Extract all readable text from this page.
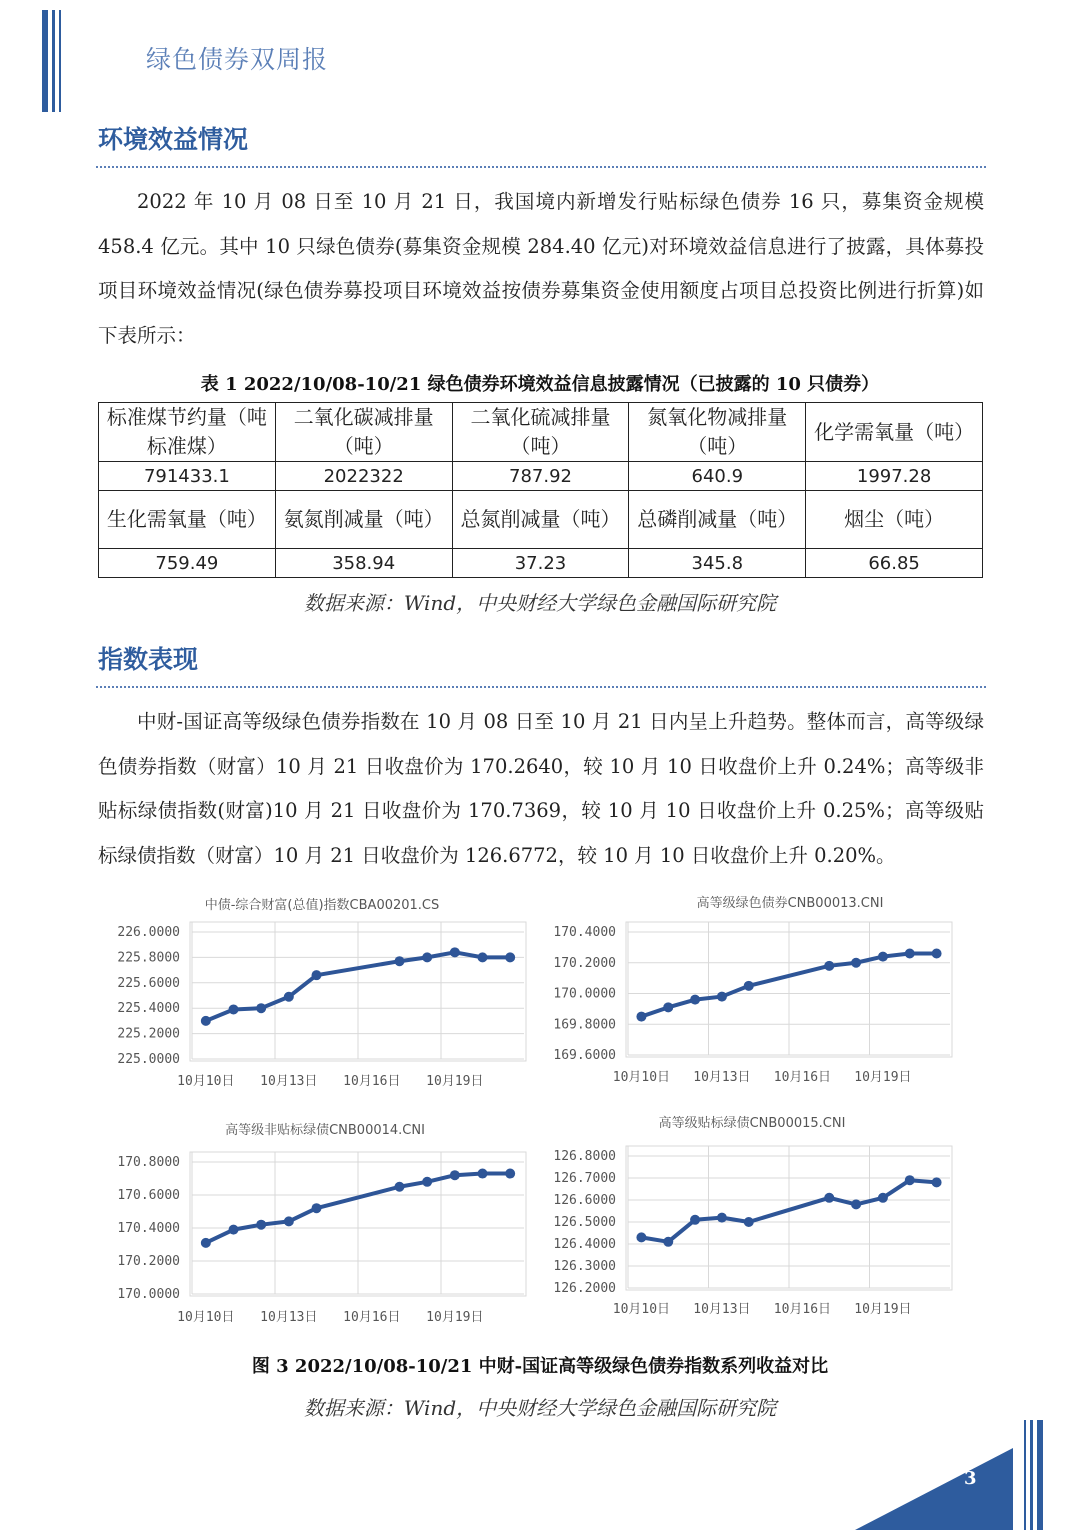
绿色债券双周报
环境效益情况

2022 年 10 月 08 日至 10 月 21 日，我国境内新增发行贴标绿色债券 16 只，募集资金规模 458.4 亿元。其中 10 只绿色债券(募集资金规模 284.40 亿元)对环境效益信息进行了披露，具体募投项目环境效益情况(绿色债券募投项目环境效益按债券募集资金使用额度占项目总投资比例进行折算)如下表所示：

表 1 2022/10/08-10/21 绿色债券环境效益信息披露情况（已披露的 10 只债券）
标准煤节约量（吨标准煤）	二氧化碳减排量（吨）	二氧化硫减排量（吨）	氮氧化物减排量（吨）	化学需氧量（吨）
791433.1	2022322	787.92	640.9	1997.28
生化需氧量（吨）	氨氮削减量（吨）	总氮削减量（吨）	总磷削减量（吨）	烟尘（吨）
759.49	358.94	37.23	345.8	66.85
数据来源：Wind，中央财经大学绿色金融国际研究院
指数表现

中财-国证高等级绿色债券指数在 10 月 08 日至 10 月 21 日内呈上升趋势。整体而言，高等级绿色债券指数（财富）10 月 21 日收盘价为 170.2640，较 10 月 10 日收盘价上升 0.24%；高等级非贴标绿债指数(财富)10 月 21 日收盘价为 170.7369，较 10 月 10 日收盘价上升 0.25%；高等级贴标绿债指数（财富）10 月 21 日收盘价为 126.6772，较 10 月 10 日收盘价上升 0.20%。

中债-综合财富(总值)指数CBA00201.CS
226.0000
225.8000
225.6000
225.4000
225.2000
225.0000
10月10日 10月13日 10月16日 10月19日
高等级绿色债券CNB00013.CNI
170.4000
170.2000
170.0000
169.8000
169.6000
10月10日 10月13日 10月16日 10月19日
高等级非贴标绿债CNB00014.CNI
170.8000
170.6000
170.4000
170.2000
170.0000
10月10日 10月13日 10月16日 10月19日
高等级贴标绿债CNB00015.CNI
126.8000
126.7000
126.6000
126.5000
126.4000
126.3000
126.2000
10月10日 10月13日 10月16日 10月19日
图 3 2022/10/08-10/21 中财-国证高等级绿色债券指数系列收益对比
数据来源：Wind，中央财经大学绿色金融国际研究院
3
